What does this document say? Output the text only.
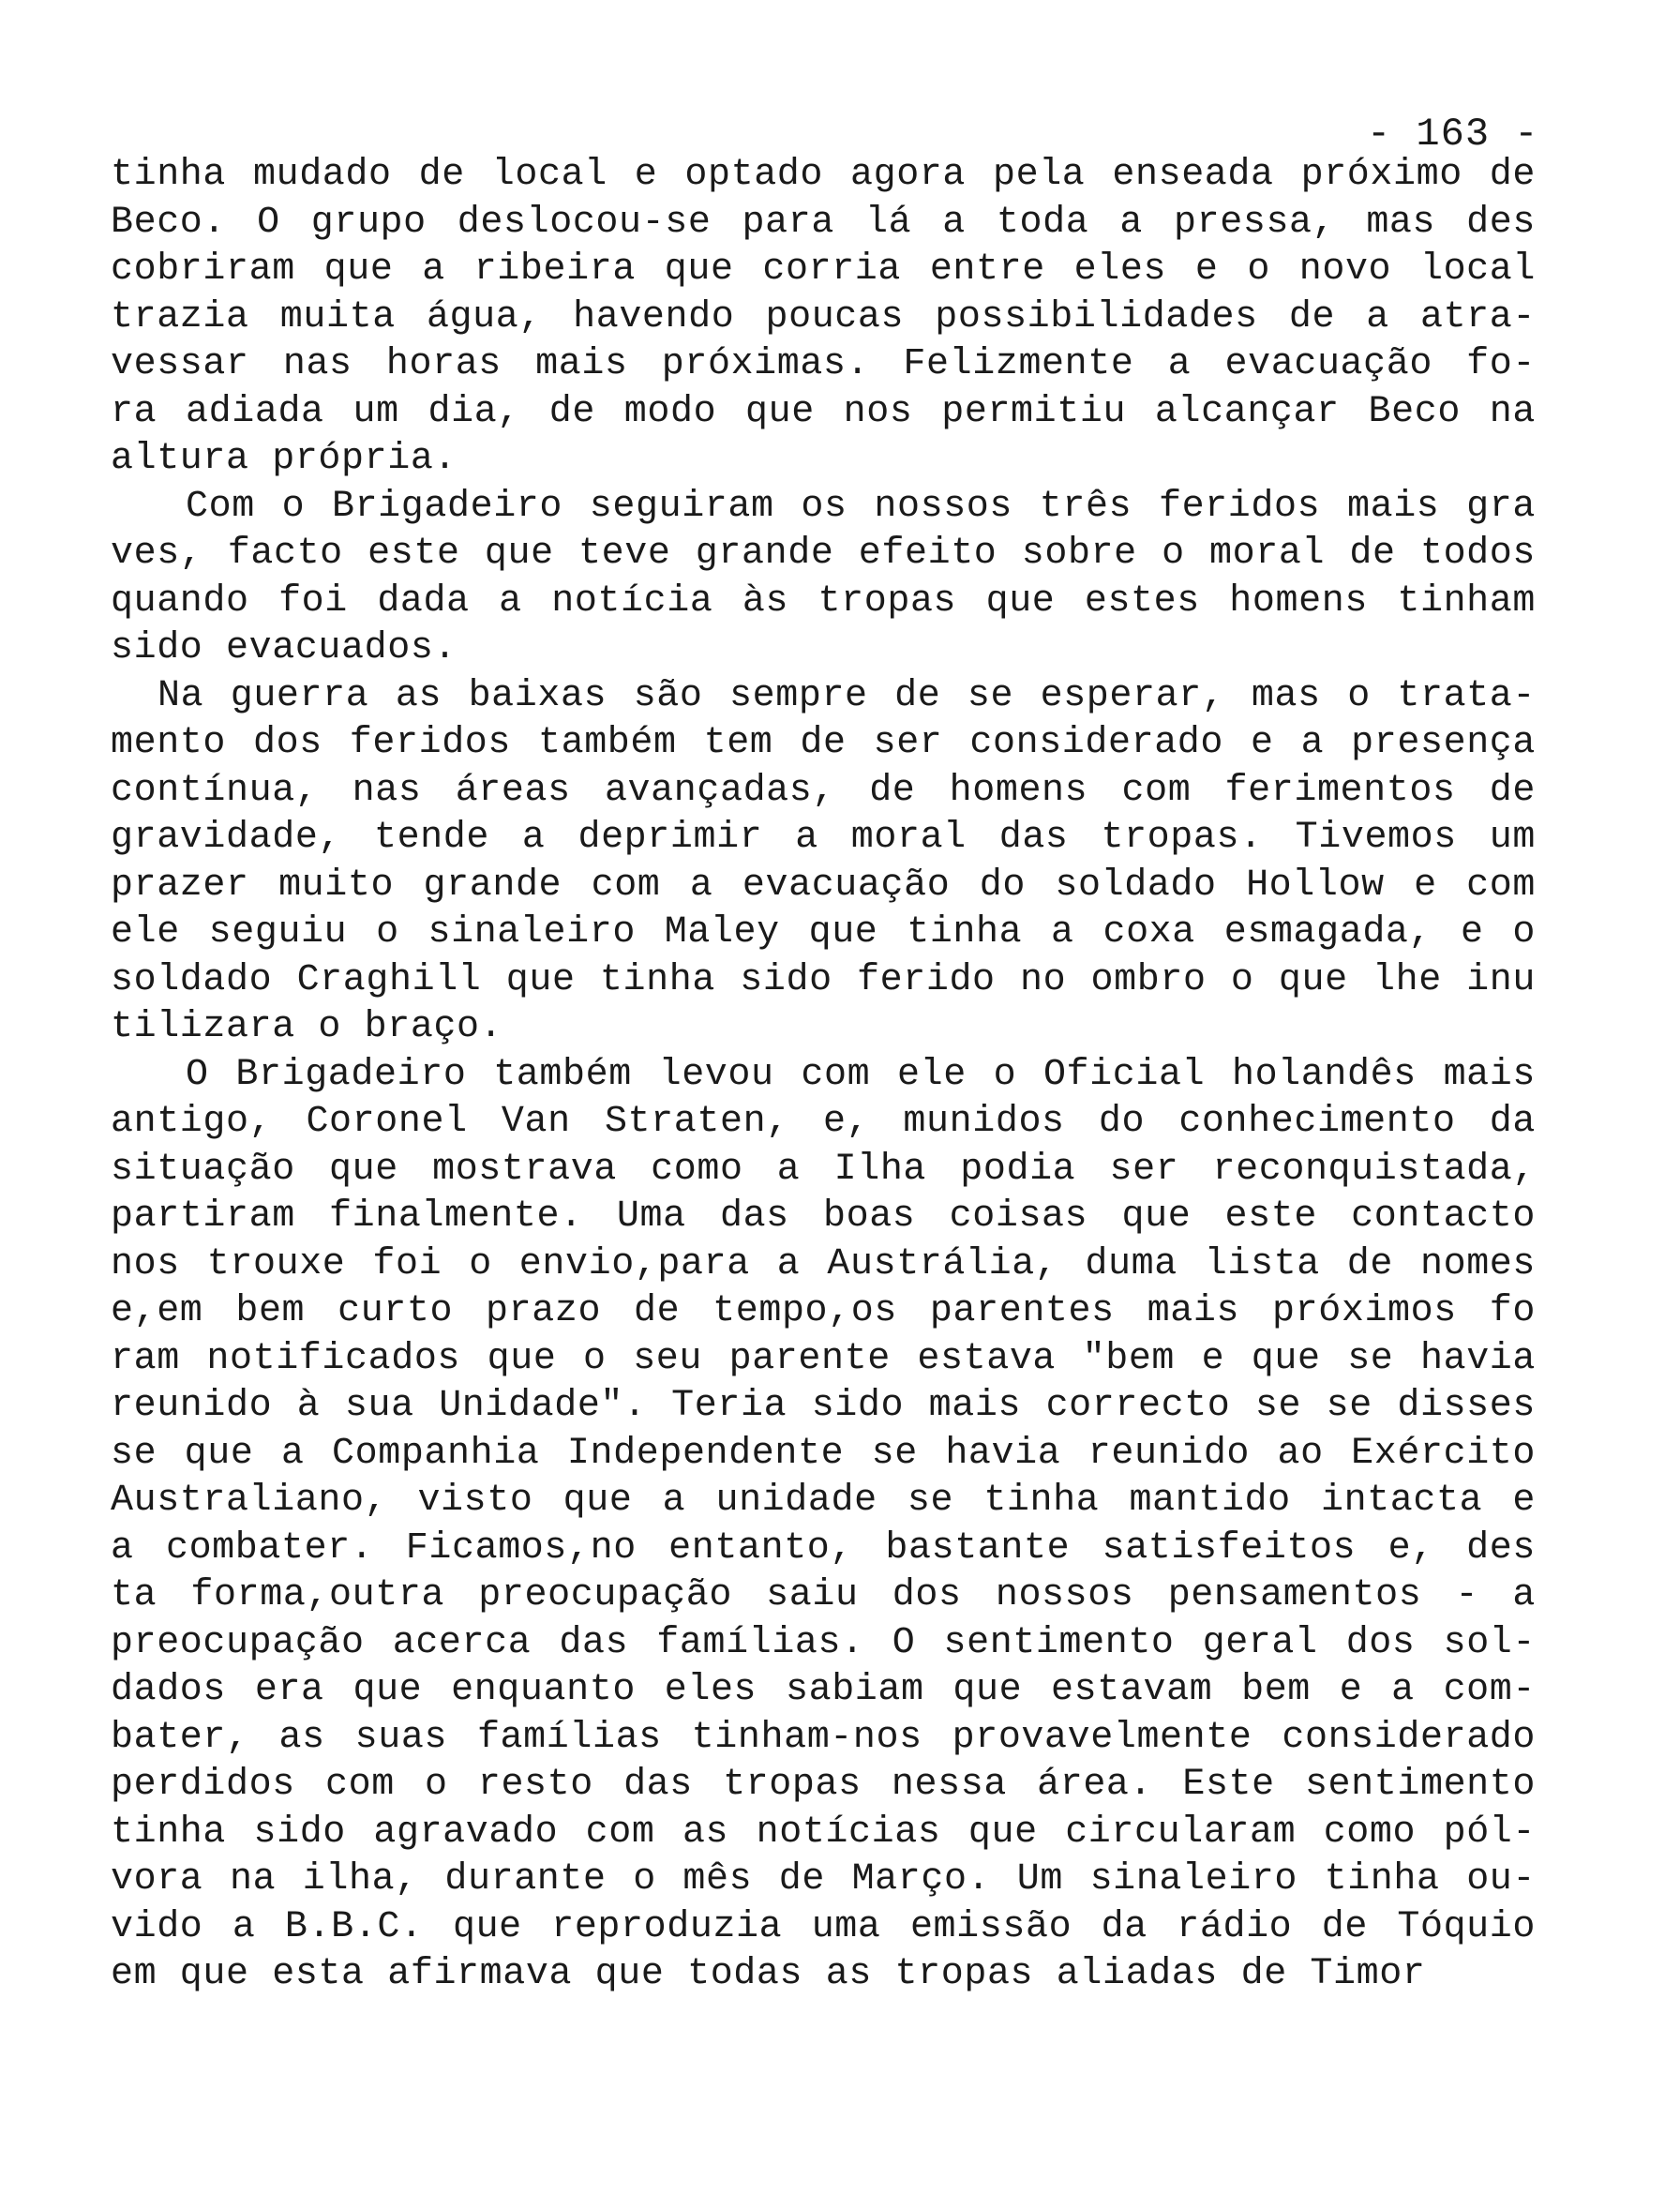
- 163 -
tinha mudado de local e optado agora pela enseada próximo de
Beco. O grupo deslocou-se para lá a toda a pressa, mas des
cobriram que a ribeira que corria entre eles e o novo local
trazia muita água, havendo poucas possibilidades de a atra-
vessar nas horas mais próximas. Felizmente a evacuação fo-
ra adiada um dia, de modo que nos permitiu alcançar Beco na
altura própria.
Com o Brigadeiro seguiram os nossos três feridos mais gra
ves, facto este que teve grande efeito sobre o moral de todos
quando foi dada a notícia às tropas que estes homens tinham
sido evacuados.
Na guerra as baixas são sempre de se esperar, mas o trata-
mento dos feridos também tem de ser considerado e a presença
contínua, nas áreas avançadas, de homens com ferimentos de
gravidade, tende a deprimir a moral das tropas. Tivemos um
prazer muito grande com a evacuação do soldado Hollow e com
ele seguiu o sinaleiro Maley que tinha a coxa esmagada, e o
soldado Craghill que tinha sido ferido no ombro o que lhe inu
tilizara o braço.
O Brigadeiro também levou com ele o Oficial holandês mais
antigo, Coronel Van Straten, e, munidos do conhecimento da
situação que mostrava como a Ilha podia ser reconquistada,
partiram finalmente. Uma das boas coisas que este contacto
nos trouxe foi o envio,para a Austrália, duma lista de nomes
e,em bem curto prazo de tempo,os parentes mais próximos fo
ram notificados que o seu parente estava "bem e que se havia
reunido à sua Unidade". Teria sido mais correcto se se disses
se que a Companhia Independente se havia reunido ao Exército
Australiano, visto que a unidade se tinha mantido intacta e
a combater. Ficamos,no entanto, bastante satisfeitos e, des
ta forma,outra preocupação saiu dos nossos pensamentos - a
preocupação acerca das famílias. O sentimento geral dos sol-
dados era que enquanto eles sabiam que estavam bem e a com-
bater, as suas famílias tinham-nos provavelmente considerado
perdidos com o resto das tropas nessa área. Este sentimento
tinha sido agravado com as notícias que circularam como pól-
vora na ilha, durante o mês de Março. Um sinaleiro tinha ou-
vido a B.B.C. que reproduzia uma emissão da rádio de Tóquio
em que esta afirmava que todas as tropas aliadas de Timor
